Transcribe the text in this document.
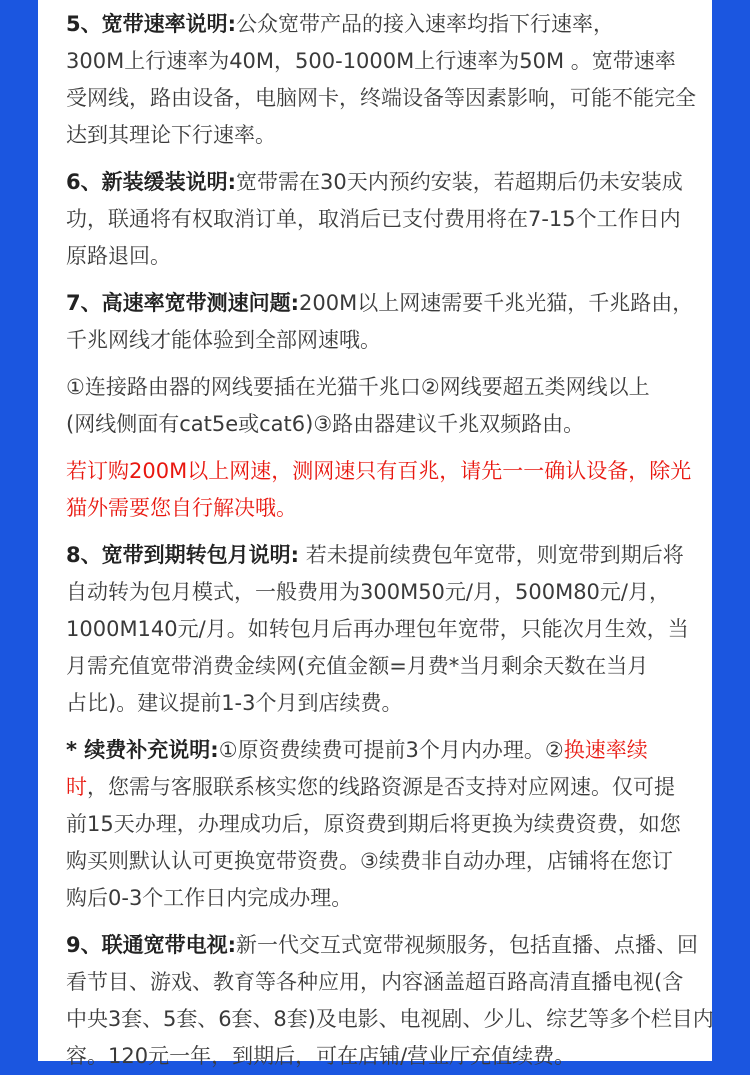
5、宽带速率说明:公众宽带产品的接入速率均指下行速率，
300M上行速率为40M，500-1000M上行速率为50M 。宽带速率
受网线，路由设备，电脑网卡，终端设备等因素影响，可能不能完全
达到其理论下行速率。
6、新装缓装说明:宽带需在30天内预约安装，若超期后仍未安装成
功，联通将有权取消订单，取消后已支付费用将在7-15个工作日内
原路退回。
7、高速率宽带测速问题:200M以上网速需要千兆光猫，千兆路由，
千兆网线才能体验到全部网速哦。
①连接路由器的网线要插在光猫千兆口②网线要超五类网线以上
(网线侧面有cat5e或cat6)③路由器建议千兆双频路由。
若订购200M以上网速，测网速只有百兆，请先一一确认设备，除光
猫外需要您自行解决哦。
8、宽带到期转包月说明: 若未提前续费包年宽带，则宽带到期后将
自动转为包月模式，一般费用为300M50元/月，500M80元/月，
1000M140元/月。如转包月后再办理包年宽带，只能次月生效，当
月需充值宽带消费金续网(充值金额=月费*当月剩余天数在当月
占比)。建议提前1-3个月到店续费。
* 续费补充说明:①原资费续费可提前3个月内办理。②换速率续
时，您需与客服联系核实您的线路资源是否支持对应网速。仅可提
前15天办理，办理成功后，原资费到期后将更换为续费资费，如您
购买则默认认可更换宽带资费。③续费非自动办理，店铺将在您订
购后0-3个工作日内完成办理。
9、联通宽带电视:新一代交互式宽带视频服务，包括直播、点播、回
看节目、游戏、教育等各种应用，内容涵盖超百路高清直播电视(含
中央3套、5套、6套、8套)及电影、电视剧、少儿、综艺等多个栏目内
容。120元一年，到期后，可在店铺/营业厅充值续费。
